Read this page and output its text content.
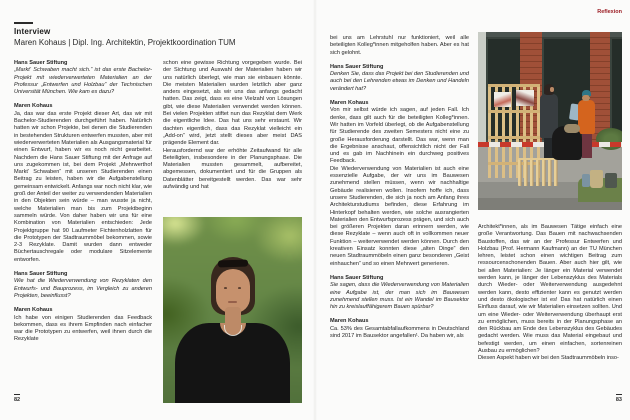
Interview
Maren Kohaus | Dipl. Ing. Architektin, Projektkoordination TUM

Hans Sauer Stiftung

„Markt‘ Schwaben macht sich.“ ist das erste Bachelor-Projekt mit wiederverwerteten Materialien an der Professur „Entwerfen und Holzbau“ der Technischen Universität München. Wie kam es dazu?

Maren Kohaus

Ja, das war das erste Projekt dieser Art, das wir mit Bachelor-Studierenden durchgeführt haben. Natürlich hatten wir schon Projekte, bei denen die Studierenden in bestehenden Strukturen entwerfen mussten, aber mit wiederverwerteten Materialien als Ausgangsmaterial für einen Entwurf, haben wir es noch nicht gearbeitet. Nachdem die Hans Sauer Stiftung mit der Anfrage auf uns zugekommen ist, bei dem Projekt „Mehrwerthof Markt‘ Schwaben“ mit unseren Studierenden einen Beitrag zu leisten, haben wir die Aufgabenstellung gemeinsam entwickelt. Anfangs war noch nicht klar, wie groß der Anteil der weiter zu verwendenden Materialien in den Objekten sein würde – man wusste ja nicht, welche Materialien man bis zum Projektbeginn sammeln würde. Von daher haben wir uns für eine Kombination von Materialien entschieden: Jede Projektgruppe hat 90 Laufmeter Fichtenholzlatten für die Prototypen der Stadtraummöbel bekommen, sowie 2-3 Rezyklate. Damit wurden dann entweder Büchertauschregale oder modulare Sitzelemente entworfen.

Hans Sauer Stiftung

Wie hat die Wiederverwendung von Rezyklaten den Entwurfs- und Bauprozess, im Vergleich zu anderen Projekten, beeinflusst?

Maren Kohaus

Ich habe von einigen Studierenden das Feedback bekommen, dass es ihrem Empfinden nach einfacher war die Prototypen zu entwerfen, weil ihnen durch die Rezyklate

schon eine gewisse Richtung vorgegeben wurde. Bei der Sichtung und Auswahl der Materialien haben wir uns natürlich überlegt, wie man sie einbauen könnte. Die meisten Materialien wurden letztlich aber ganz anders eingesetzt, als wir uns das anfangs gedacht hatten. Das zeigt, dass es eine Vielzahl von Lösungen gibt, wie diese Materialien verwendet werden können. Bei vielen Projekten stiftet nun das Rezyklat dem Werk die eigentliche Idee. Das hat uns sehr erstaunt. Wir dachten eigentlich, dass das Rezyklat vielleicht ein „Add-on“ wird, jetzt stellt dieses aber meist DAS prägende Element dar.

Herausfordernd war der erhöhte Zeitaufwand für alle Beteiligten, insbesondere in der Planungsphase. Die Materialien mussten gesammelt, aufbereitet, abgemessen, dokumentiert und für die Gruppen als Datenblätter bereitgestellt werden. Das war sehr aufwändig und hat

82
Reflexion

bei uns am Lehrstuhl nur funktioniert, weil alle beteiligten Kolleg*innen mitgeholfen haben. Aber es hat sich gelohnt.

Hans Sauer Stiftung

Denken Sie, dass das Projekt bei den Studierenden und auch bei den Lehrenden etwas im Denken und Handeln verändert hat?

Maren Kohaus

Von mir selbst würde ich sagen, auf jeden Fall. Ich denke, dass gilt auch für die beteiligten Kolleg*innen. Wir hatten im Vorfeld überlegt, ob die Aufgabenstellung für Studierende des zweiten Semesters nicht eine zu große Herausforderung darstellt. Das war, wenn man die Ergebnisse anschaut, offensichtlich nicht der Fall und es gab im Nachhinein ein durchweg positives Feedback.

Die Wiederverwendung von Materialien ist auch eine essenzielle Aufgabe, der wir uns im Bauwesen zunehmend stellen müssen, wenn wir nachhaltige Gebäude realisieren wollen. Insofern hoffe ich, dass unsere Studierenden, die sich ja noch am Anfang ihres Architekturstudiums befinden, diese Erfahrung im Hinterkopf behalten werden, wie solche ausrangierten Materialien den Entwurfsprozess prägen, und sich auch bei größeren Projekten daran erinnern werden, wie diese Rezyklate – wenn auch oft in vollkommen neuer Funktion – weiterverwendet werden können. Durch den kreativen Einsatz konnten diese „alten Dinge“ den neuen Stadtraummöbeln einen ganz besonderen „Geist einhauchen“ und so einen Mehrwert generieren.

Hans Sauer Stiftung

Sie sagen, dass die Wiederverwendung von Materialien eine Aufgabe ist, der man sich im Bauwesen zunehmend stellen muss. Ist ein Wandel im Bausektor hin zu kreislauffähigerem Bauen spürbar?

Maren Kohaus

Ca. 53% des Gesamtabfallaufkommens in Deutschland sind 2017 im Bausektor angefallen¹. Da haben wir, als

Architekt*innen, als im Bauwesen Tätige einfach eine große Verantwortung. Das Bauen mit nachwachsenden Baustoffen, das wir an der Professur Entwerfen und Holzbau (Prof. Hermann Kaufmann) an der TU München lehren, leistet schon einen wichtigen Beitrag zum ressourcenschonenden Bauen. Aber auch hier gilt, wie bei allen Materialien: Je länger ein Material verwendet werden kann, je länger der Lebenszyklus des Materials durch Wieder- oder Weiterverwendung ausgedehnt werden kann, desto effizienter kann es genutzt werden und desto ökologischer ist es! Das hat natürlich einen Einfluss darauf, wie wir Materialien einsetzen sollten. Und um eine Wieder- oder Weiterverwendung überhaupt erst zu ermöglichen, muss bereits in der Planungsphase an den Rückbau am Ende des Lebenszyklus des Gebäudes gedacht werden. Wie muss das Material eingebaut und befestigt werden, um einen einfachen, sortenreinen Ausbau zu ermöglichen?

Diesen Aspekt haben wir bei den Stadtraummöbeln inso-

83
